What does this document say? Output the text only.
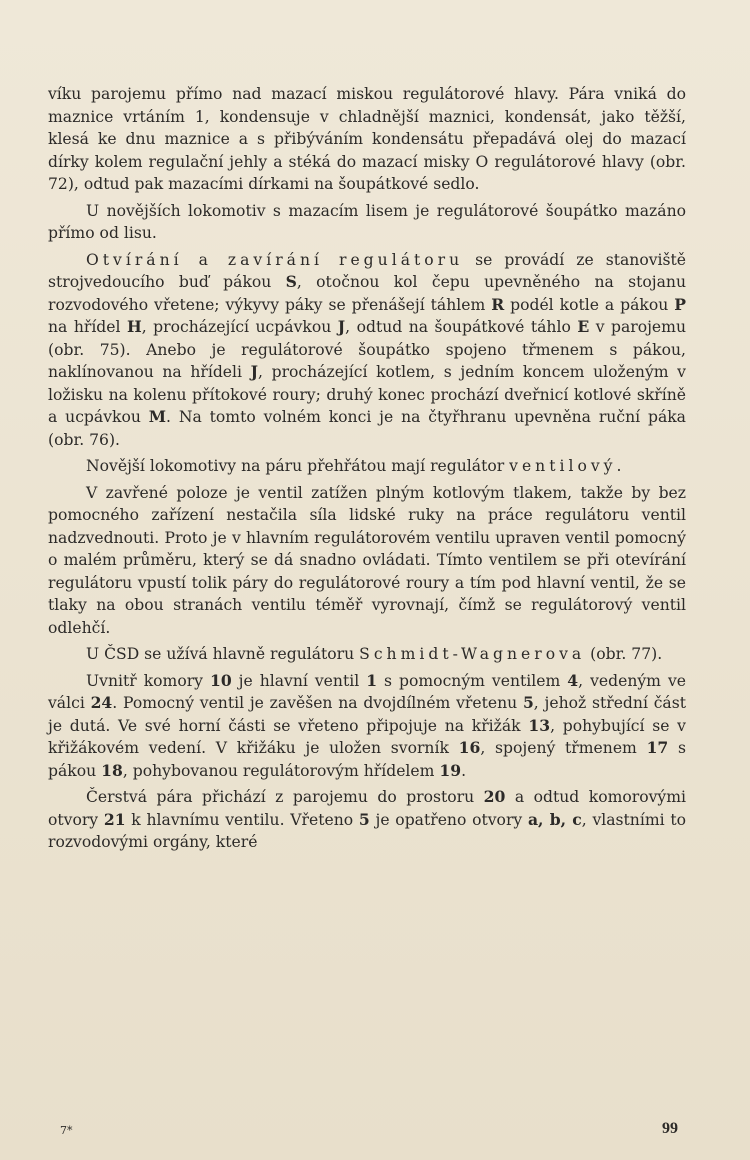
víku parojemu přímo nad mazací miskou regulátorové hlavy. Pára vniká do maznice vrtáním 1, kondensuje v chladnější maznici, kondensát, jako těžší, klesá ke dnu maznice a s přibýváním kondensátu přepadává olej do mazací dírky kolem regulační jehly a stéká do mazací misky O regulátorové hlavy (obr. 72), odtud pak mazacími dírkami na šoupátkové sedlo.

U novějších lokomotiv s mazacím lisem je regulátorové šoupátko mazáno přímo od lisu.

Otvírání a zavírání regulátoru se provádí ze stanoviště strojvedoucího buď pákou S, otočnou kol čepu upevněného na stojanu rozvodového vřetene; výkyvy páky se přenášejí táhlem R podél kotle a pákou P na hřídel H, procházející ucpávkou J, odtud na šoupátkové táhlo E v parojemu (obr. 75). Anebo je regulátorové šoupátko spojeno třmenem s pákou, naklínovanou na hřídeli J, procházející kotlem, s jedním koncem uloženým v ložisku na kolenu přítokové roury; druhý konec prochází dveřnicí kotlové skříně a ucpávkou M. Na tomto volném konci je na čtyřhranu upevněna ruční páka (obr. 76).

Novější lokomotivy na páru přehřátou mají regulátor ventilový.

V zavřené poloze je ventil zatížen plným kotlovým tlakem, takže by bez pomocného zařízení nestačila síla lidské ruky na práce regulátoru ventil nadzvednouti. Proto je v hlavním regulátorovém ventilu upraven ventil pomocný o malém průměru, který se dá snadno ovládati. Tímto ventilem se při otevírání regulátoru vpustí tolik páry do regulátorové roury a tím pod hlavní ventil, že se tlaky na obou stranách ventilu téměř vyrovnají, čímž se regulátorový ventil odlehčí.

U ČSD se užívá hlavně regulátoru Schmidt-Wagnerova (obr. 77).

Uvnitř komory 10 je hlavní ventil 1 s pomocným ventilem 4, vedeným ve válci 24. Pomocný ventil je zavěšen na dvojdílném vřetenu 5, jehož střední část je dutá. Ve své horní části se vřeteno připojuje na křižák 13, pohybující se v křižákovém vedení. V křižáku je uložen svorník 16, spojený třmenem 17 s pákou 18, pohybovanou regulátorovým hřídelem 19.

Čerstvá pára přichází z parojemu do prostoru 20 a odtud komorovými otvory 21 k hlavnímu ventilu. Vřeteno 5 je opatřeno otvory a, b, c, vlastními to rozvodovými orgány, které

7*	99
